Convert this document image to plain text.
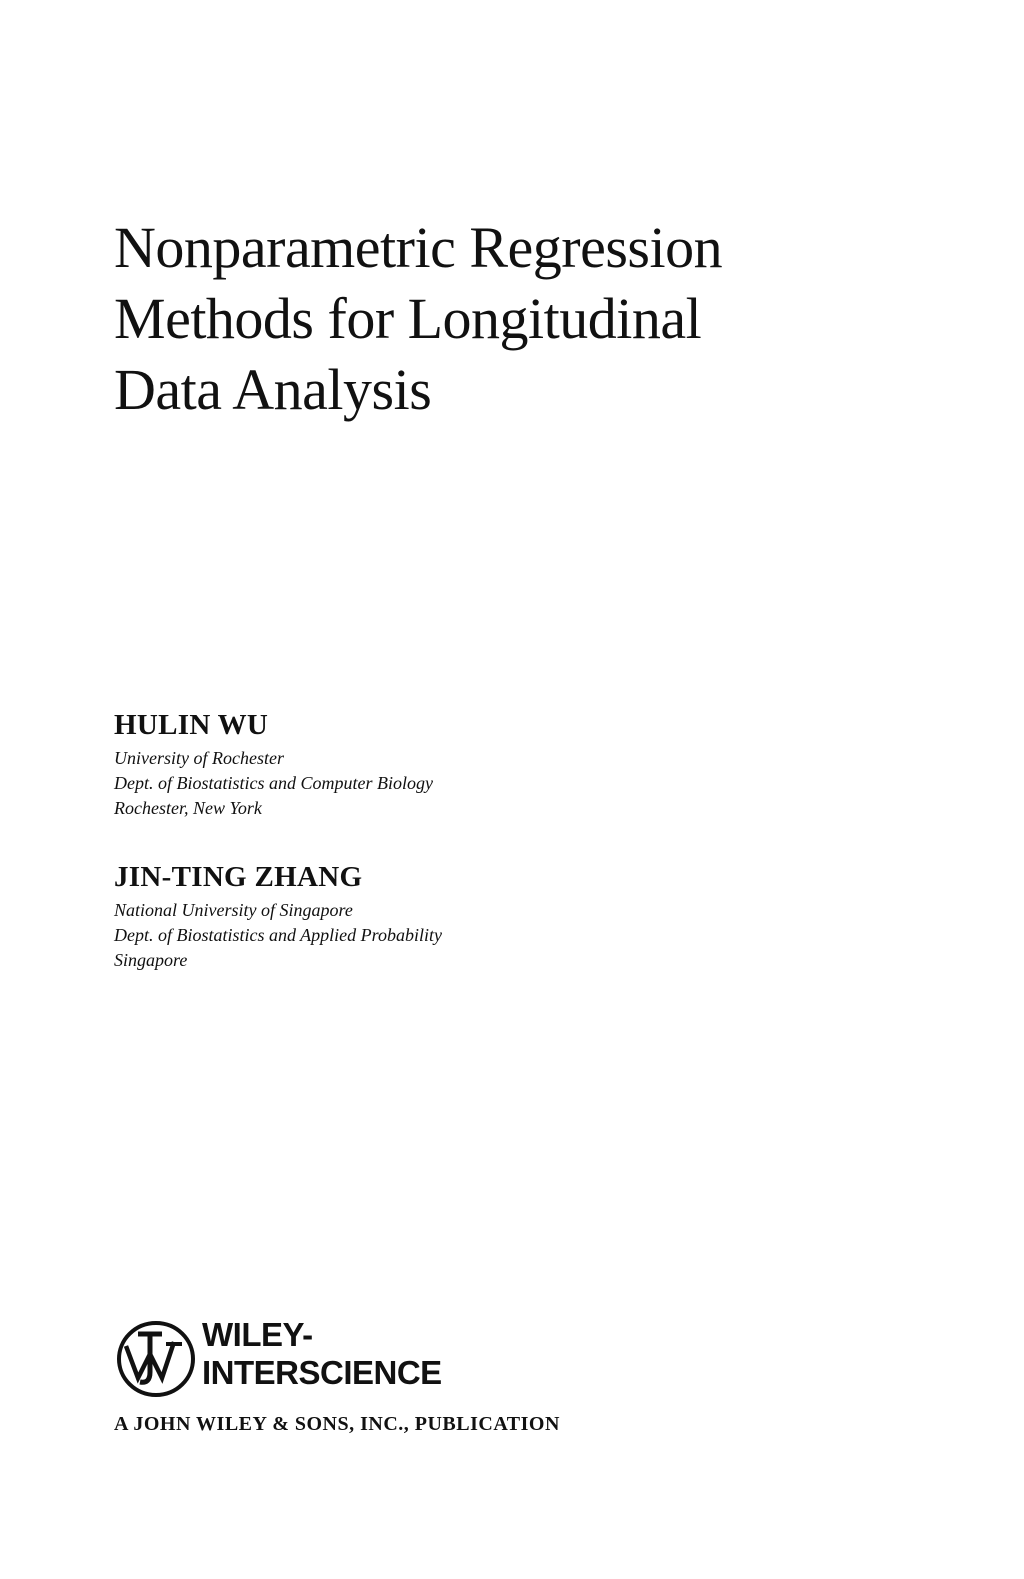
Nonparametric Regression
Methods for Longitudinal
Data Analysis
HULIN WU
University of Rochester
Dept. of Biostatistics and Computer Biology
Rochester, New York
JIN-TING ZHANG
National University of Singapore
Dept. of Biostatistics and Applied Probability
Singapore
WILEY-
INTERSCIENCE
A JOHN WILEY & SONS, INC., PUBLICATION
